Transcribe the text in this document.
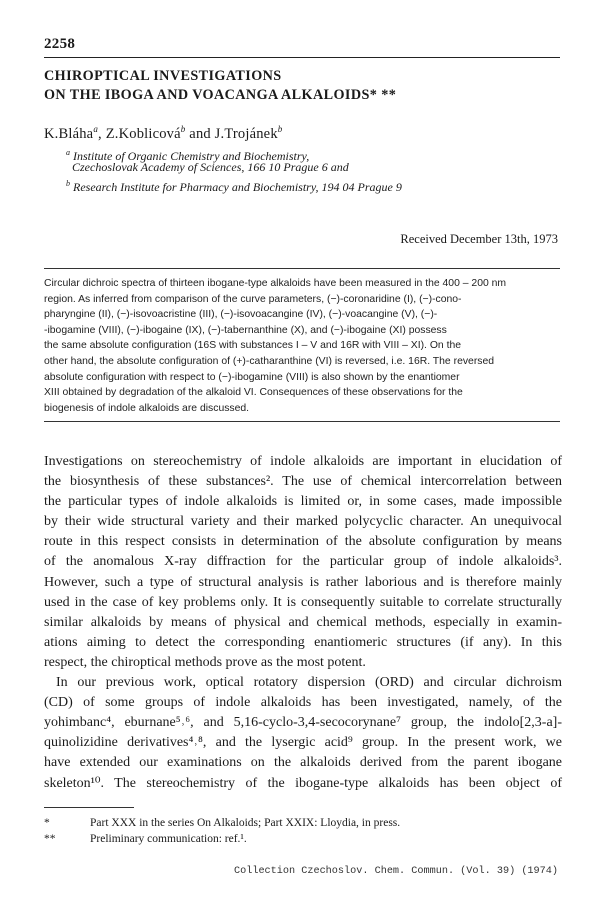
2258
CHIROPTICAL INVESTIGATIONS
ON THE IBOGA AND VOACANGA ALKALOIDS* **
K.Bláha$^a$, Z.Koblicová$^b$ and J.Trojánek$^b$
$^a$ Institute of Organic Chemistry and Biochemistry,
Czechoslovak Academy of Sciences, 166 10 Prague 6 and
$^b$ Research Institute for Pharmacy and Biochemistry, 194 04 Prague 9
Received December 13th, 1973
Circular dichroic spectra of thirteen ibogane-type alkaloids have been measured in the 400 – 200 nm
region. As inferred from comparison of the curve parameters, (−)-coronaridine (I), (−)-cono-
pharyngine (II), (−)-isovoacristine (III), (−)-isovoacangine (IV), (−)-voacangine (V), (−)-
-ibogamine (VIII), (−)-ibogaine (IX), (−)-tabernanthine (X), and (−)-ibogaine (XI) possess
the same absolute configuration (16S with substances I – V and 16R with VIII – XI). On the
other hand, the absolute configuration of (+)-catharanthine (VI) is reversed, i.e. 16R. The reversed
absolute configuration with respect to (−)-ibogamine (VIII) is also shown by the enantiomer
XIII obtained by degradation of the alkaloid VI. Consequences of these observations for the
biogenesis of indole alkaloids are discussed.
Investigations on stereochemistry of indole alkaloids are important in elucidation of
the biosynthesis of these substances². The use of chemical intercorrelation between
the particular types of indole alkaloids is limited or, in some cases, made impossible
by their wide structural variety and their marked polycyclic character. An unequivocal
route in this respect consists in determination of the absolute configuration by means
of the anomalous X-ray diffraction for the particular group of indole alkaloids³.
However, such a type of structural analysis is rather laborious and is therefore mainly
used in the case of key problems only. It is consequently suitable to correlate structurally
similar alkaloids by means of physical and chemical methods, especially in examin-
ations aiming to detect the corresponding enantiomeric structures (if any). In this
respect, the chiroptical methods prove as the most potent.
In our previous work, optical rotatory dispersion (ORD) and circular dichroism
(CD) of some groups of indole alkaloids has been investigated, namely, of the
yohimbanc⁴, eburnane⁵˒⁶, and 5,16-cyclo-3,4-secocorynane⁷ group, the indolo[2,3-a]-
quinolizidine derivatives⁴˒⁸, and the lysergic acid⁹ group. In the present work, we
have extended our examinations on the alkaloids derived from the parent ibogane
skeleton¹⁰. The stereochemistry of the ibogane-type alkaloids has been object of
*	Part XXX in the series On Alkaloids; Part XXIX: Lloydia, in press.
**	Preliminary communication: ref.¹.
Collection Czechoslov. Chem. Commun. (Vol. 39) (1974)
